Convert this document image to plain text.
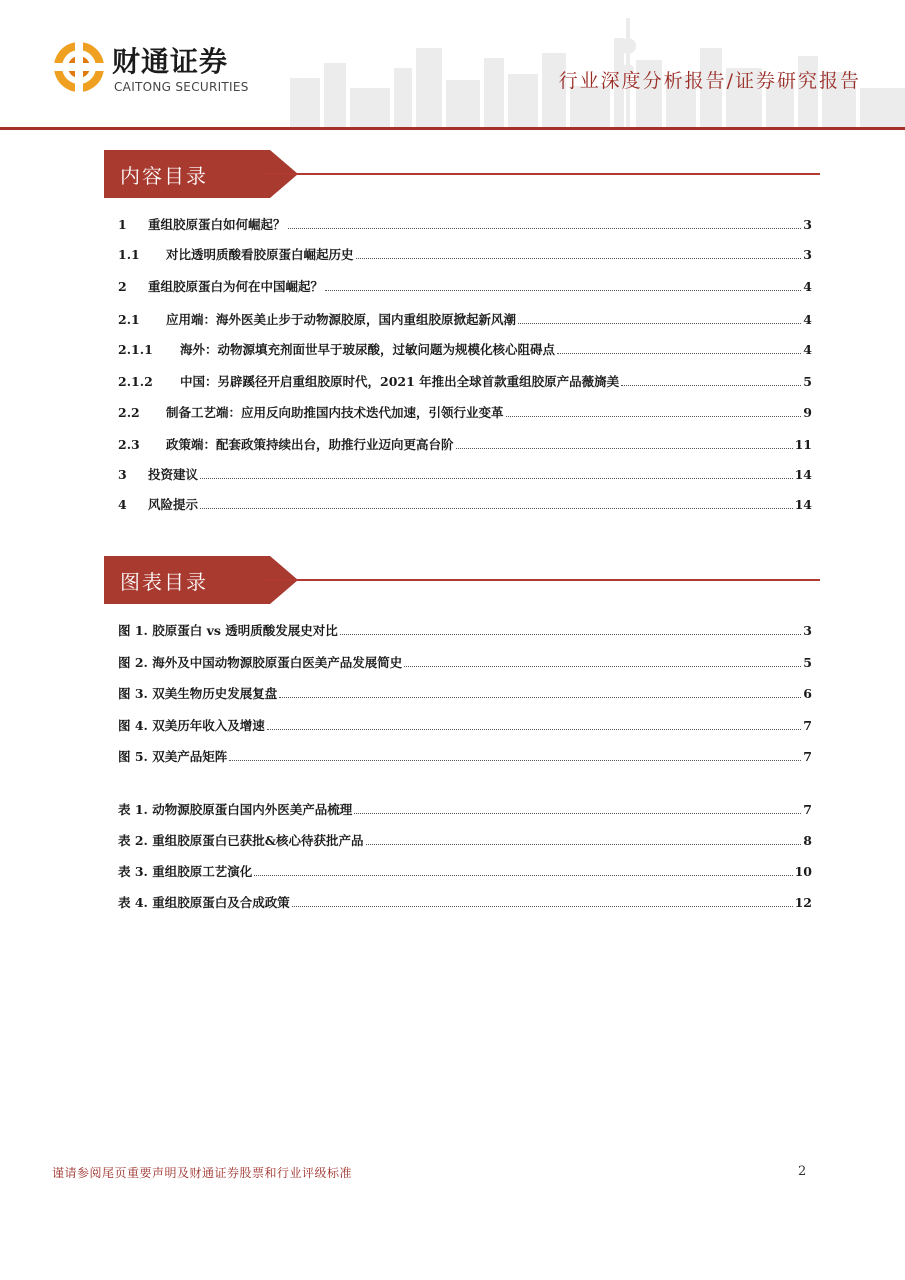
财通证券
CAITONG SECURITIES	行业深度分析报告/证券研究报告
内容目录
1	重组胶原蛋白如何崛起？	3
1.1	对比透明质酸看胶原蛋白崛起历史	3
2	重组胶原蛋白为何在中国崛起？	4
2.1	应用端：海外医美止步于动物源胶原，国内重组胶原掀起新风潮	4
2.1.1	海外：动物源填充剂面世早于玻尿酸，过敏问题为规模化核心阻碍点	4
2.1.2	中国：另辟蹊径开启重组胶原时代，2021 年推出全球首款重组胶原产品薇旖美	5
2.2	制备工艺端：应用反向助推国内技术迭代加速，引领行业变革	9
2.3	政策端：配套政策持续出台，助推行业迈向更高台阶	11
3	投资建议	14
4	风险提示	14
图表目录
图 1. 胶原蛋白 vs 透明质酸发展史对比	3
图 2. 海外及中国动物源胶原蛋白医美产品发展简史	5
图 3. 双美生物历史发展复盘	6
图 4. 双美历年收入及增速	7
图 5. 双美产品矩阵	7
表 1. 动物源胶原蛋白国内外医美产品梳理	7
表 2. 重组胶原蛋白已获批&核心待获批产品	8
表 3. 重组胶原工艺演化	10
表 4. 重组胶原蛋白及合成政策	12
谨请参阅尾页重要声明及财通证券股票和行业评级标准	2
